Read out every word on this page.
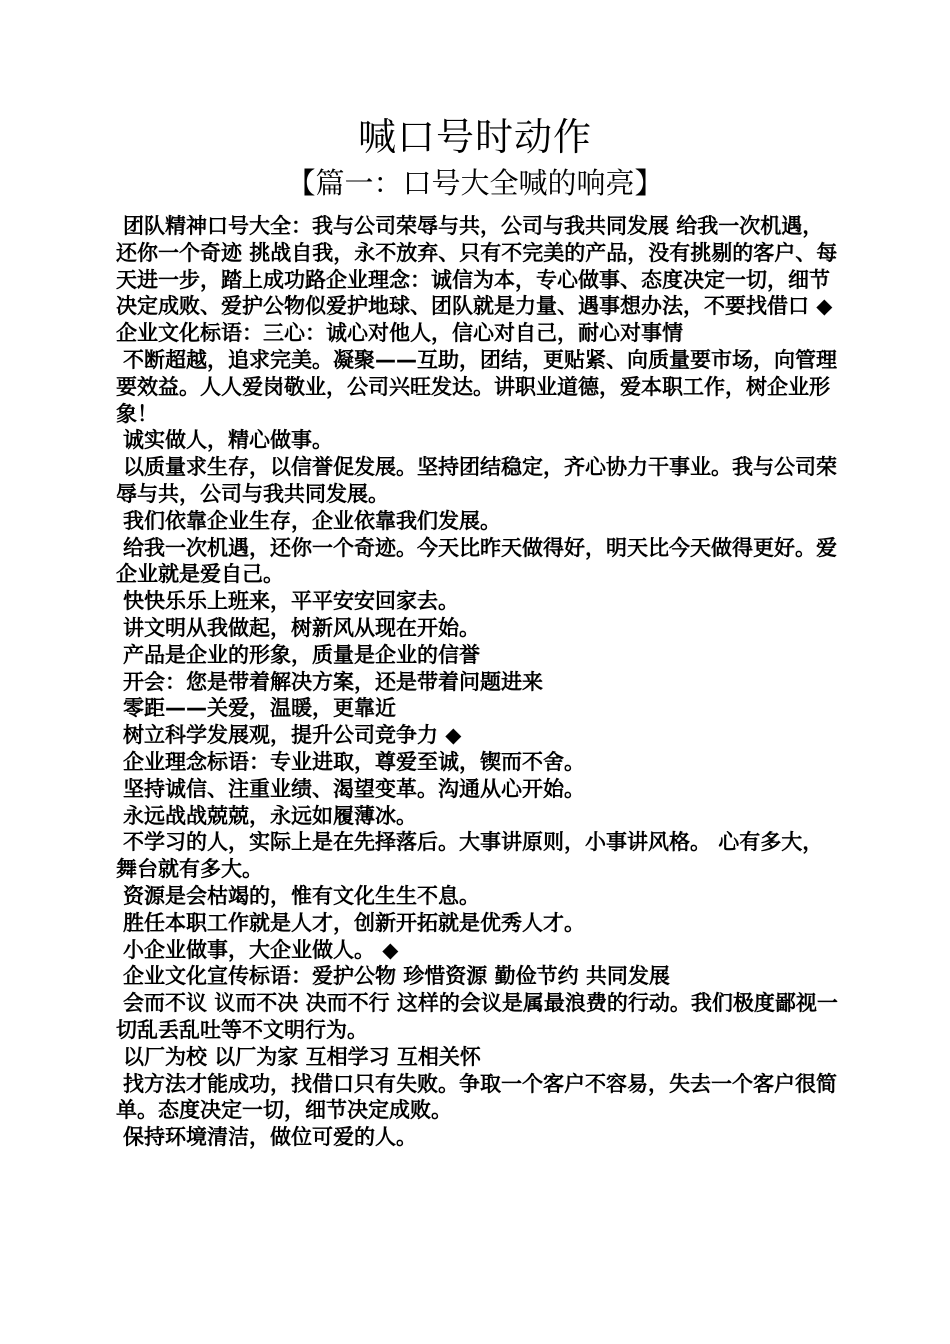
喊口号时动作
【篇一：口号大全喊的响亮】

团队精神口号大全：我与公司荣辱与共，公司与我共同发展 给我一次机遇，还你一个奇迹 挑战自我，永不放弃、只有不完美的产品，没有挑剔的客户、每天进一步，踏上成功路企业理念：诚信为本，专心做事、态度决定一切，细节决定成败、爱护公物似爱护地球、团队就是力量、遇事想办法，不要找借口 ◆ 企业文化标语：三心：诚心对他人，信心对自己，耐心对事情

不断超越，追求完美。凝聚——互助，团结，更贴紧、向质量要市场，向管理要效益。人人爱岗敬业，公司兴旺发达。讲职业道德，爱本职工作，树企业形象！

诚实做人，精心做事。

以质量求生存，以信誉促发展。坚持团结稳定，齐心协力干事业。我与公司荣辱与共，公司与我共同发展。

我们依靠企业生存，企业依靠我们发展。

给我一次机遇，还你一个奇迹。今天比昨天做得好，明天比今天做得更好。爱企业就是爱自己。

快快乐乐上班来，平平安安回家去。

讲文明从我做起，树新风从现在开始。

产品是企业的形象，质量是企业的信誉

开会：您是带着解决方案，还是带着问题进来

零距——关爱，温暖，更靠近

树立科学发展观，提升公司竞争力 ◆

企业理念标语：专业进取，尊爱至诚，锲而不舍。

坚持诚信、注重业绩、渴望变革。沟通从心开始。

永远战战兢兢，永远如履薄冰。

不学习的人，实际上是在先择落后。大事讲原则，小事讲风格。 心有多大，舞台就有多大。

资源是会枯竭的，惟有文化生生不息。

胜任本职工作就是人才，创新开拓就是优秀人才。

小企业做事，大企业做人。 ◆

企业文化宣传标语：爱护公物 珍惜资源 勤俭节约 共同发展

会而不议 议而不决 决而不行 这样的会议是属最浪费的行动。我们极度鄙视一切乱丢乱吐等不文明行为。

以厂为校 以厂为家 互相学习 互相关怀

找方法才能成功，找借口只有失败。争取一个客户不容易，失去一个客户很简单。态度决定一切，细节决定成败。

保持环境清洁，做位可爱的人。
